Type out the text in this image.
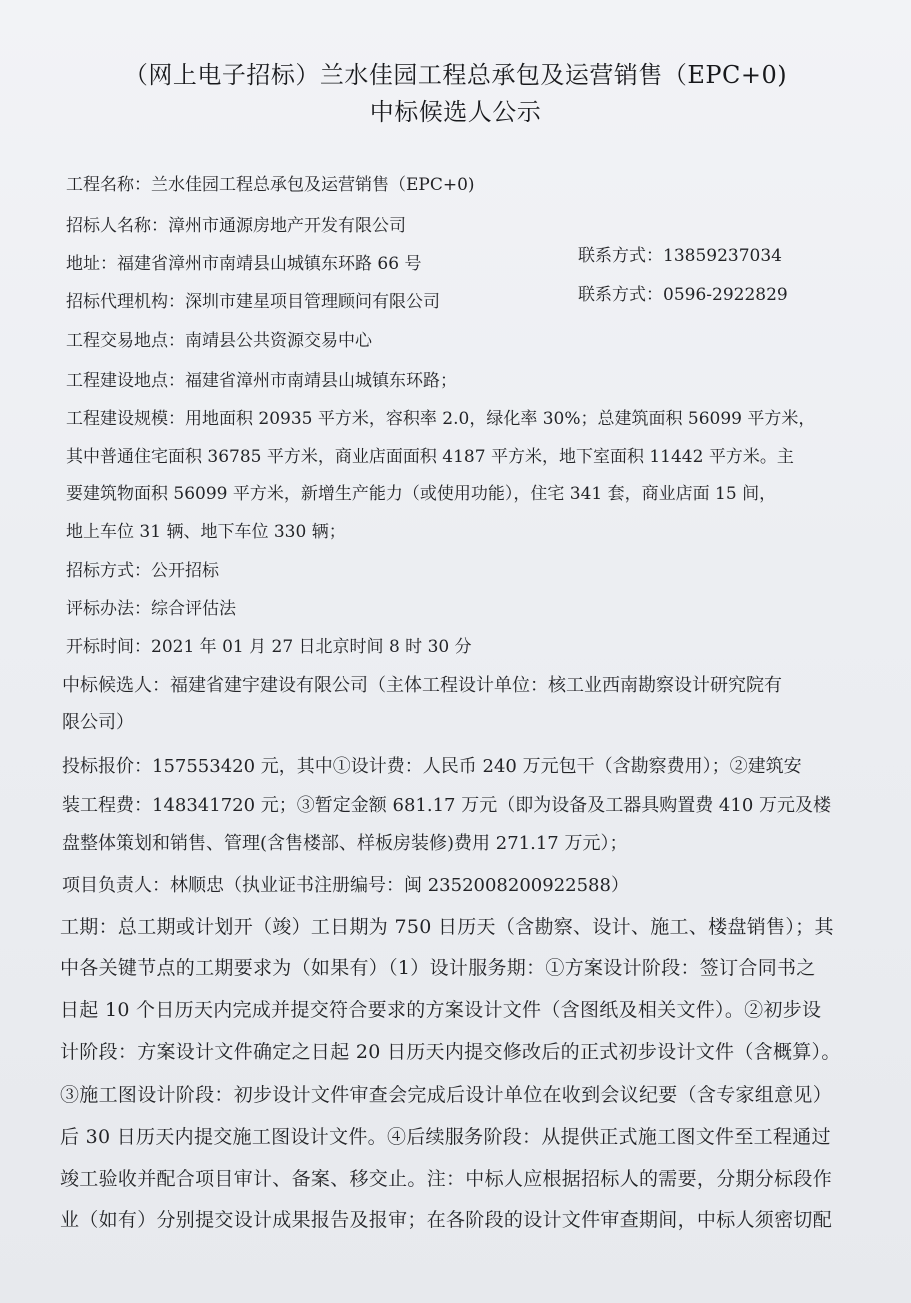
（网上电子招标）兰水佳园工程总承包及运营销售（EPC+0)
中标候选人公示
工程名称：兰水佳园工程总承包及运营销售（EPC+0)
招标人名称：漳州市通源房地产开发有限公司
地址：福建省漳州市南靖县山城镇东环路 66 号	联系方式：13859237034
招标代理机构：深圳市建星项目管理顾问有限公司	联系方式：0596-2922829
工程交易地点：南靖县公共资源交易中心
工程建设地点：福建省漳州市南靖县山城镇东环路；
工程建设规模：用地面积 20935 平方米，容积率 2.0，绿化率 30%；总建筑面积 56099 平方米，
其中普通住宅面积 36785 平方米，商业店面面积 4187 平方米，地下室面积 11442 平方米。主
要建筑物面积 56099 平方米，新增生产能力（或使用功能），住宅 341 套，商业店面 15 间，
地上车位 31 辆、地下车位 330 辆；
招标方式：公开招标
评标办法：综合评估法
开标时间：2021 年 01 月 27 日北京时间 8 时 30 分
中标候选人：福建省建宇建设有限公司（主体工程设计单位：核工业西南勘察设计研究院有
限公司）
投标报价：157553420 元，其中①设计费：人民币 240 万元包干（含勘察费用）；②建筑安
装工程费：148341720 元；③暂定金额 681.17 万元（即为设备及工器具购置费 410 万元及楼
盘整体策划和销售、管理(含售楼部、样板房装修)费用 271.17 万元）；
项目负责人：林顺忠（执业证书注册编号：闽 2352008200922588）
工期：总工期或计划开（竣）工日期为 750 日历天（含勘察、设计、施工、楼盘销售）；其
中各关键节点的工期要求为（如果有）（1）设计服务期：①方案设计阶段：签订合同书之
日起 10 个日历天内完成并提交符合要求的方案设计文件（含图纸及相关文件）。②初步设
计阶段：方案设计文件确定之日起 20 日历天内提交修改后的正式初步设计文件（含概算）。
③施工图设计阶段：初步设计文件审查会完成后设计单位在收到会议纪要（含专家组意见）
后 30 日历天内提交施工图设计文件。④后续服务阶段：从提供正式施工图文件至工程通过
竣工验收并配合项目审计、备案、移交止。注：中标人应根据招标人的需要，分期分标段作
业（如有）分别提交设计成果报告及报审；在各阶段的设计文件审查期间，中标人须密切配
